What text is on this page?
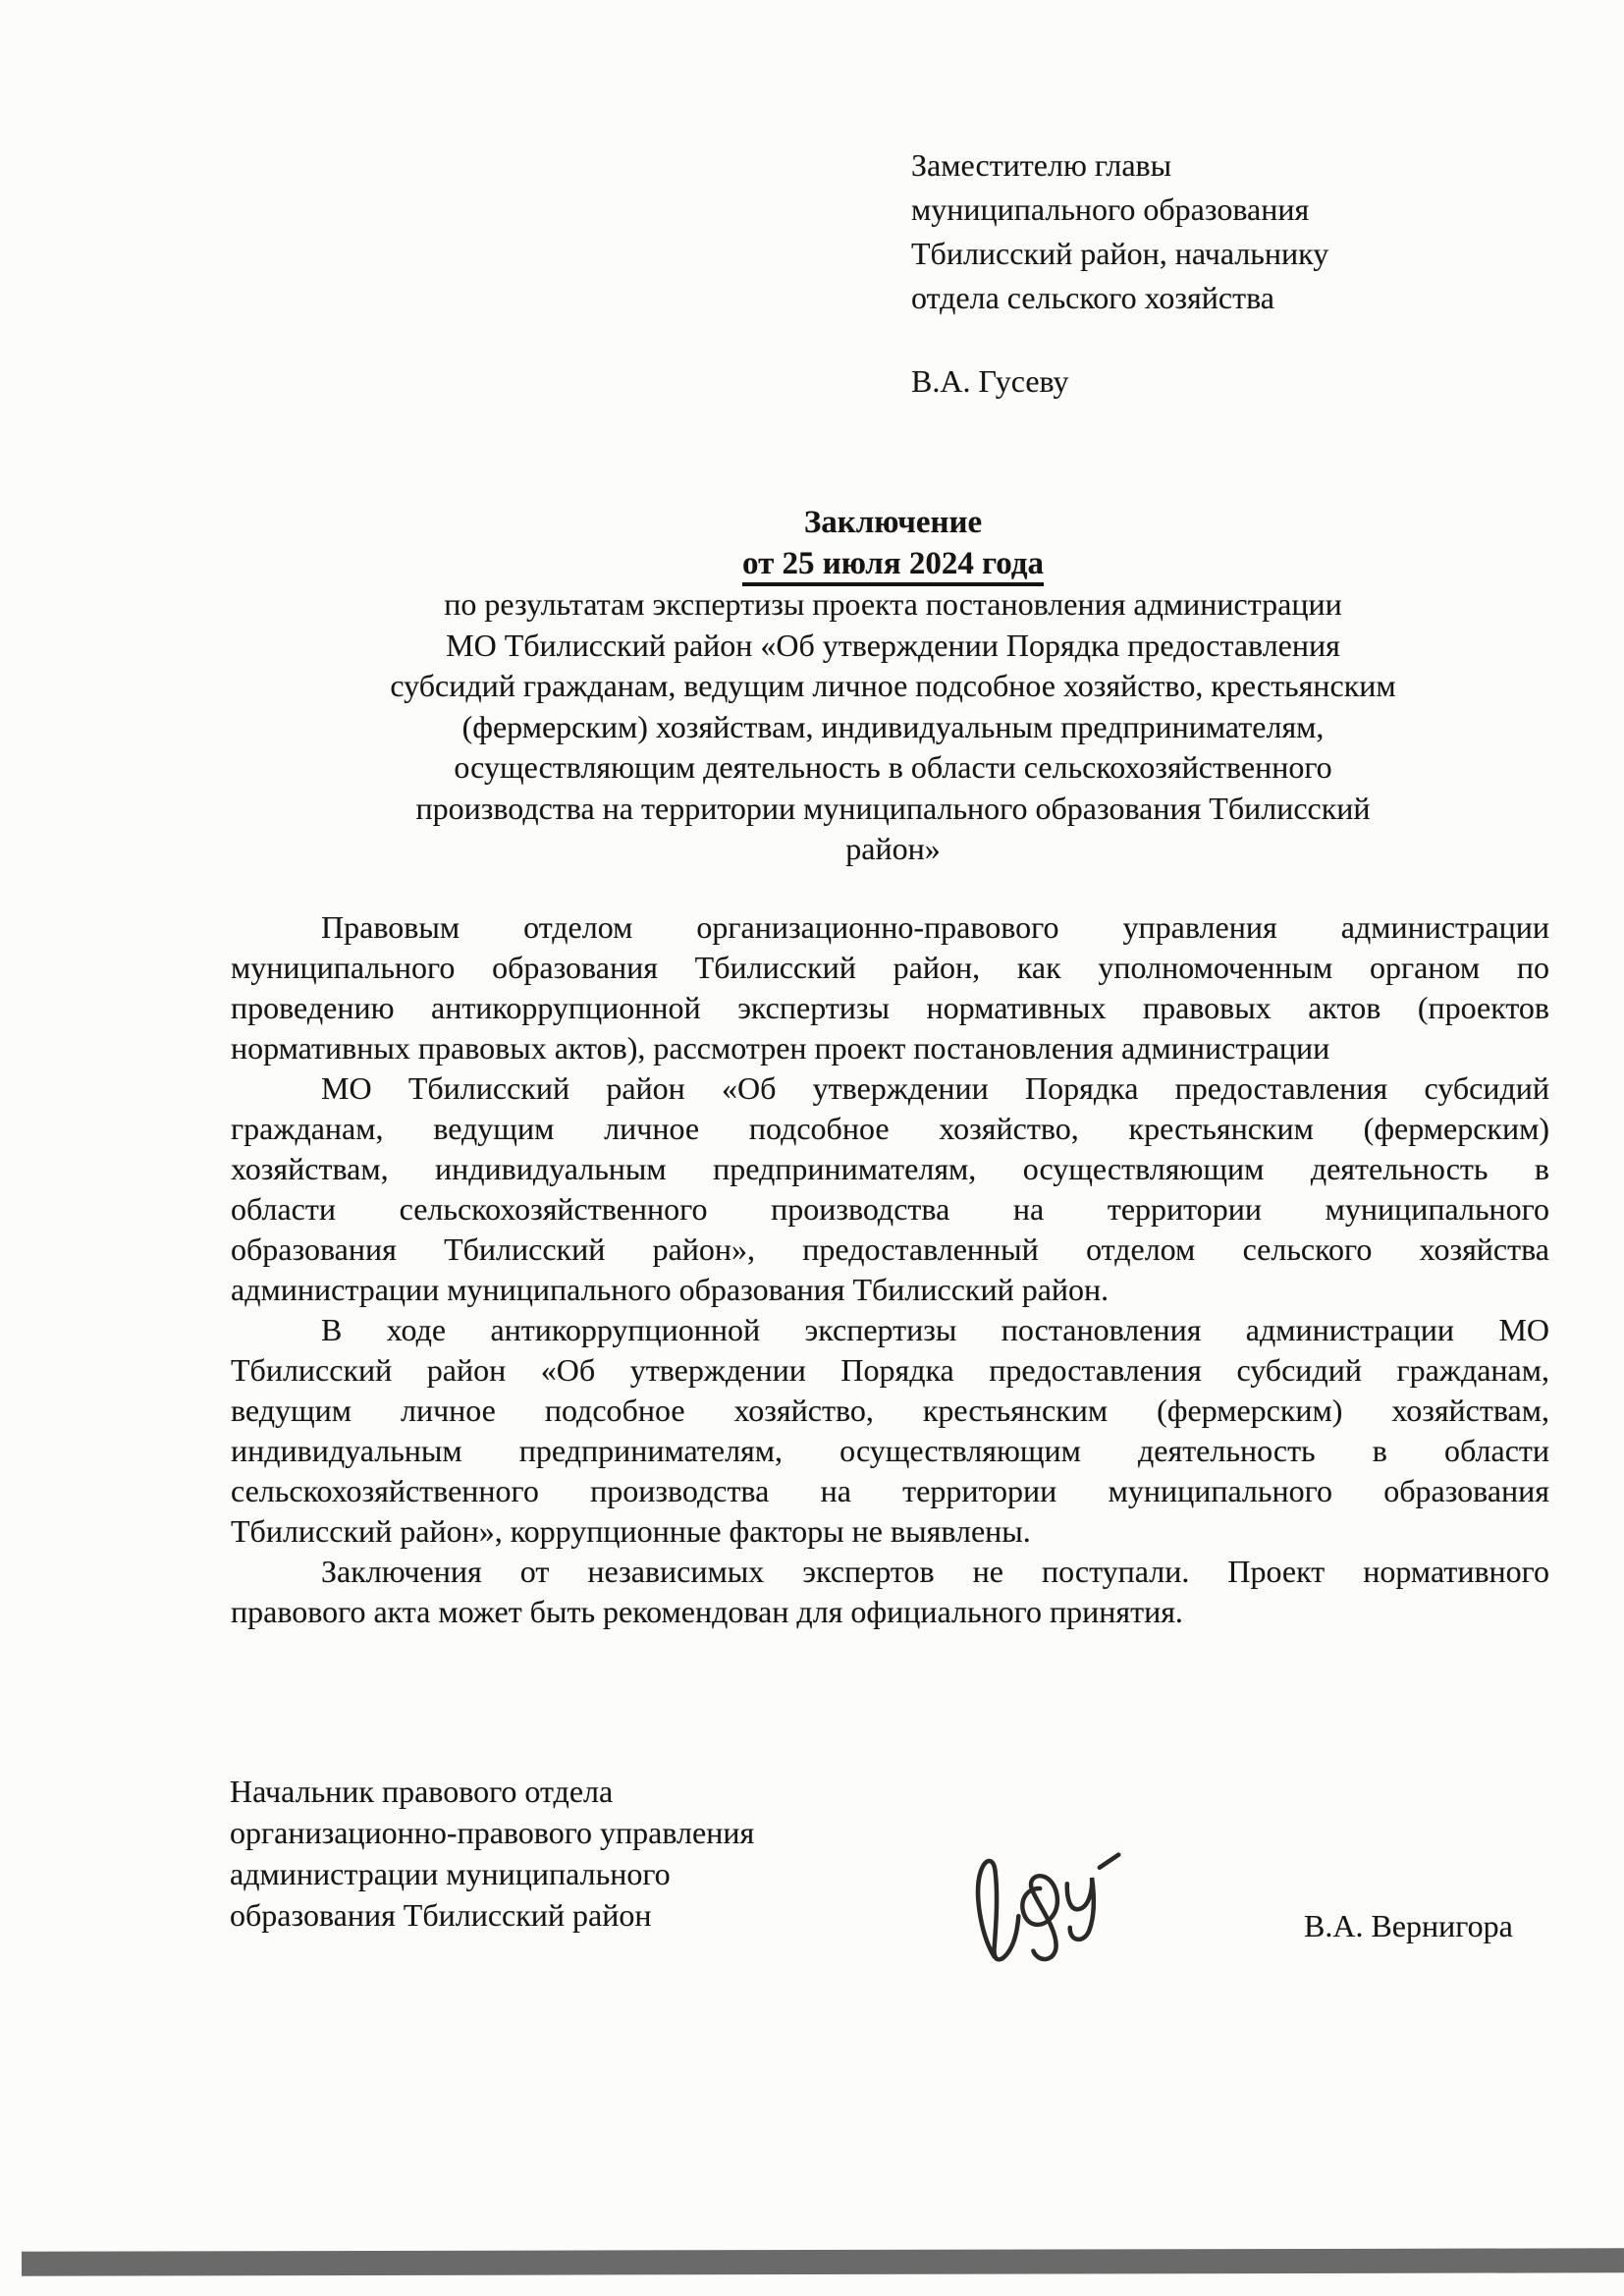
Заместителю главы
муниципального образования
Тбилисский район, начальнику
отдела сельского хозяйства
В.А. Гусеву
Заключение
от 25 июля 2024 года
по результатам экспертизы проекта постановления администрации
МО Тбилисский район «Об утверждении Порядка предоставления
субсидий гражданам, ведущим личное подсобное хозяйство, крестьянским
(фермерским) хозяйствам, индивидуальным предпринимателям,
осуществляющим деятельность в области сельскохозяйственного
производства на территории муниципального образования Тбилисский
район»
Правовым отделом организационно-правового управления администрации
муниципального образования Тбилисский район, как уполномоченным органом по
проведению антикоррупционной экспертизы нормативных правовых актов (проектов
нормативных правовых актов), рассмотрен проект постановления администрации
МО Тбилисский район «Об утверждении Порядка предоставления субсидий
гражданам, ведущим личное подсобное хозяйство, крестьянским (фермерским)
хозяйствам, индивидуальным предпринимателям, осуществляющим деятельность в
области сельскохозяйственного производства на территории муниципального
образования Тбилисский район», предоставленный отделом сельского хозяйства
администрации муниципального образования Тбилисский район.
В ходе антикоррупционной экспертизы постановления администрации МО
Тбилисский район «Об утверждении Порядка предоставления субсидий гражданам,
ведущим личное подсобное хозяйство, крестьянским (фермерским) хозяйствам,
индивидуальным предпринимателям, осуществляющим деятельность в области
сельскохозяйственного производства на территории муниципального образования
Тбилисский район», коррупционные факторы не выявлены.
Заключения от независимых экспертов не поступали. Проект нормативного
правового акта может быть рекомендован для официального принятия.
Начальник правового отдела
организационно-правового управления
администрации муниципального
образования Тбилисский район	В.А. Вернигора
